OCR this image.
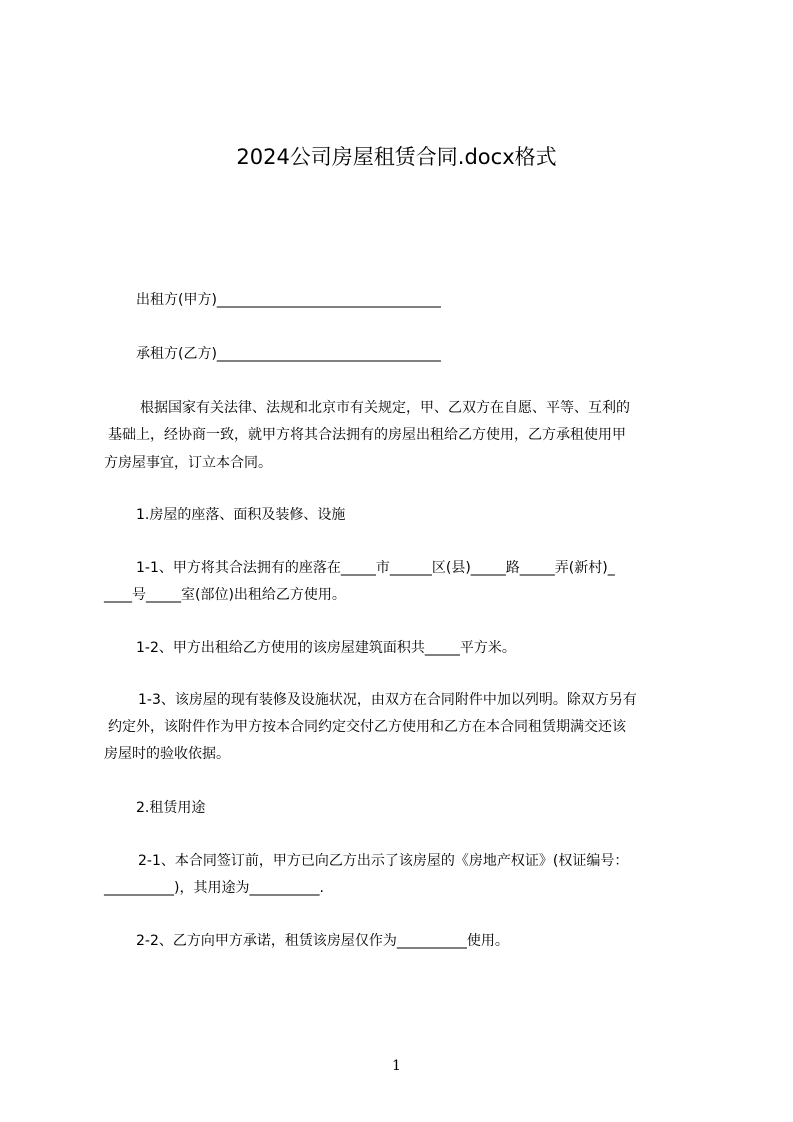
2024公司房屋租赁合同.docx格式
出租方(甲方)________________________________
承租方(乙方)________________________________
根据国家有关法律、法规和北京市有关规定，甲、乙双方在自愿、平等、互利的
基础上，经协商一致，就甲方将其合法拥有的房屋出租给乙方使用，乙方承租使用甲
方房屋事宜，订立本合同。
1.房屋的座落、面积及装修、设施
1-1、甲方将其合法拥有的座落在_____市______区(县)_____路_____弄(新村)_
____号_____室(部位)出租给乙方使用。
1-2、甲方出租给乙方使用的该房屋建筑面积共_____平方米。
1-3、该房屋的现有装修及设施状况，由双方在合同附件中加以列明。除双方另有
约定外，该附件作为甲方按本合同约定交付乙方使用和乙方在本合同租赁期满交还该
房屋时的验收依据。
2.租赁用途
2-1、本合同签订前，甲方已向乙方出示了该房屋的《房地产权证》(权证编号：
__________)，其用途为__________.
2-2、乙方向甲方承诺，租赁该房屋仅作为__________使用。
1
